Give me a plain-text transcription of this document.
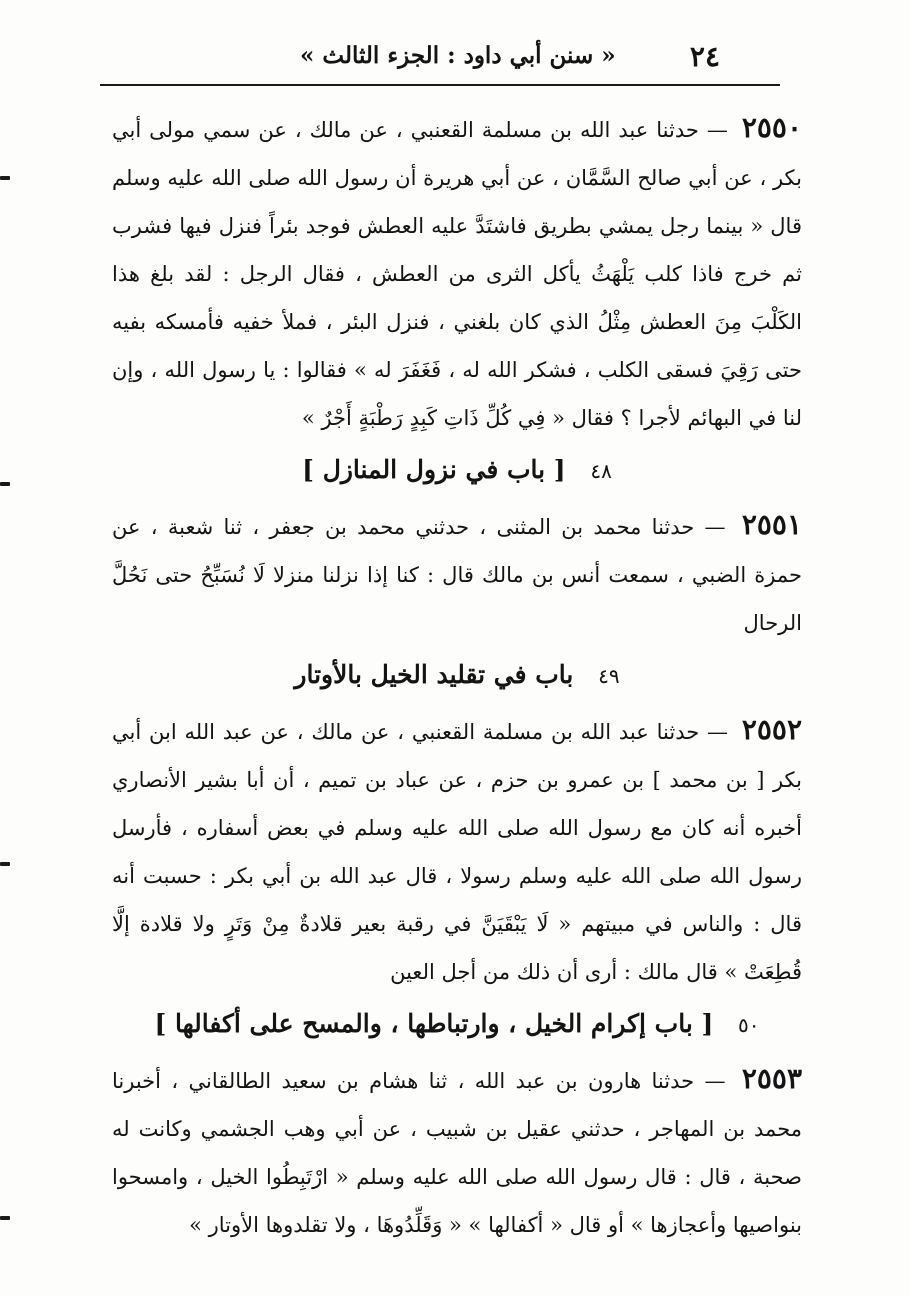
٢٤
« سنن أبي داود : الجزء الثالث »

٢٥٥٠ — حدثنا عبد الله بن مسلمة القعنبي ، عن مالك ، عن سمي مولى أبي بكر ، عن أبي صالح السَّمَّان ، عن أبي هريرة أن رسول الله صلى الله عليه وسلم قال « بينما رجل يمشي بطريق فاشتَدَّ عليه العطش فوجد بئراً فنزل فيها فشرب ثم خرج فاذا كلب يَلْهَثُ يأكل الثرى من العطش ، فقال الرجل : لقد بلغ هذا الكَلْبَ مِنَ العطش مِثْلُ الذي كان بلغني ، فنزل البئر ، فملأ خفيه فأمسكه بفيه حتى رَقِيَ فسقى الكلب ، فشكر الله له ، فَغَفَرَ له » فقالوا : يا رسول الله ، وإن لنا في البهائم لأجرا ؟ فقال « فِي كُلِّ ذَاتِ كَبِدٍ رَطْبَةٍ أَجْرٌ »

٤٨ [ باب في نزول المنازل ]

٢٥٥١ — حدثنا محمد بن المثنى ، حدثني محمد بن جعفر ، ثنا شعبة ، عن حمزة الضبي ، سمعت أنس بن مالك قال : كنا إذا نزلنا منزلا لَا نُسَبِّحُ حتى نَحُلَّ الرحال

٤٩ باب في تقليد الخيل بالأوتار

٢٥٥٢ — حدثنا عبد الله بن مسلمة القعنبي ، عن مالك ، عن عبد الله ابن أبي بكر [ بن محمد ] بن عمرو بن حزم ، عن عباد بن تميم ، أن أبا بشير الأنصاري أخبره أنه كان مع رسول الله صلى الله عليه وسلم في بعض أسفاره ، فأرسل رسول الله صلى الله عليه وسلم رسولا ، قال عبد الله بن أبي بكر : حسبت أنه قال : والناس في مبيتهم « لَا يَبْقَيَنَّ في رقبة بعير قلادةٌ مِنْ وَتَرٍ ولا قلادة إلَّا قُطِعَتْ » قال مالك : أرى أن ذلك من أجل العين

٥٠ [ باب إكرام الخيل ، وارتباطها ، والمسح على أكفالها ]

٢٥٥٣ — حدثنا هارون بن عبد الله ، ثنا هشام بن سعيد الطالقاني ، أخبرنا محمد بن المهاجر ، حدثني عقيل بن شبيب ، عن أبي وهب الجشمي وكانت له صحبة ، قال : قال رسول الله صلى الله عليه وسلم « ارْتَبِطُوا الخيل ، وامسحوا بنواصيها وأعجازها » أو قال « أكفالها » « وَقَلِّدُوهَا ، ولا تقلدوها الأوتار »
